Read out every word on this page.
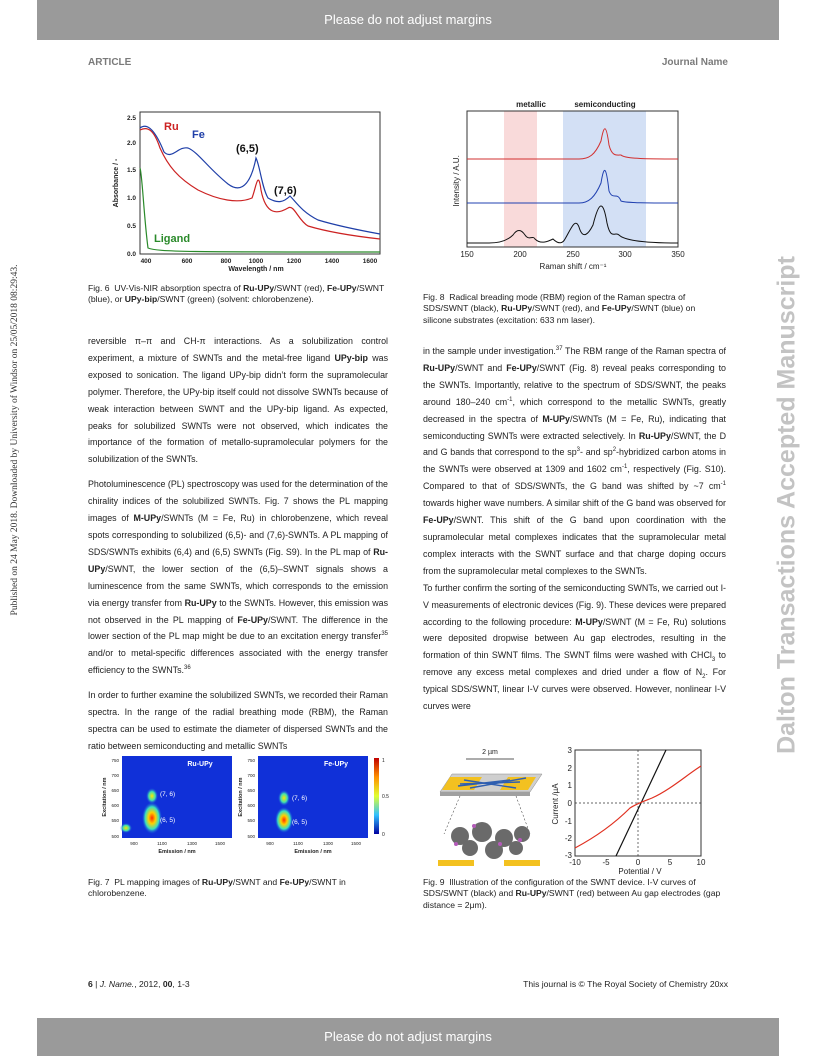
Please do not adjust margins
ARTICLE	Journal Name
Published on 24 May 2018. Downloaded by University of Windsor on 25/05/2018 08:29:43.	Dalton Transactions Accepted Manuscript
0.0
0.5
1.0
1.5
2.0
2.5
400	600	800	1000	1200	1400	1600
Wavelength / nm
Absorbance / -
Ru
Fe
(6,5)
(7,6)
Ligand
Fig. 6  UV-Vis-NIR absorption spectra of Ru-UPy/SWNT (red), Fe-UPy/SWNT (blue), or UPy-bip/SWNT (green) (solvent: chlorobenzene).
metallic	semiconducting
150	200	250	300	350
Raman shift / cm⁻¹
Intensity / A.U.
Fig. 8  Radical breading mode (RBM) region of the Raman spectra of SDS/SWNT (black), Ru-UPy/SWNT (red), and Fe-UPy/SWNT (blue) on silicone substrates (excitation: 633 nm laser).

reversible π–π and CH-π interactions. As a solubilization control experiment, a mixture of SWNTs and the metal-free ligand UPy-bip was exposed to sonication. The ligand UPy-bip didn’t form the supramolecular polymer. Therefore, the UPy-bip itself could not dissolve SWNTs because of weak interaction between SWNT and the UPy-bip ligand. As expected, peaks for solubilized SWNTs were not observed, which indicates the importance of the formation of metallo-supramolecular polymers for the solubilization of the SWNTs.

Photoluminescence (PL) spectroscopy was used for the determination of the chirality indices of the solubilized SWNTs. Fig. 7 shows the PL mapping images of M-UPy/SWNTs (M = Fe, Ru) in chlorobenzene, which reveal spots corresponding to solubilized (6,5)- and (7,6)-SWNTs. A PL mapping of SDS/SWNTs exhibits (6,4) and (6,5) SWNTs (Fig. S9). In the PL map of Ru-UPy/SWNT, the lower section of the (6,5)–SWNT signals shows a luminescence from the same SWNTs, which corresponds to the emission via energy transfer from Ru-UPy to the SWNTs. However, this emission was not observed in the PL mapping of Fe-UPy/SWNT. The difference in the lower section of the PL map might be due to an excitation energy transfer$^{35}$ and/or to metal-specific differences associated with the energy transfer efficiency to the SWNTs.$^{36}$

In order to further examine the solubilized SWNTs, we recorded their Raman spectra. In the range of the radial breathing mode (RBM), the Raman spectra can be used to estimate the diameter of dispersed SWNTs and the ratio between semiconducting and metallic SWNTs

in the sample under investigation.$^{37}$ The RBM range of the Raman spectra of Ru-UPy/SWNT and Fe-UPy/SWNT (Fig. 8) reveal peaks corresponding to the SWNTs. Importantly, relative to the spectrum of SDS/SWNT, the peaks around 180–240 $cm^{-1}$, which correspond to the metallic SWNTs, greatly decreased in the spectra of M-UPy/SWNTs (M = Fe, Ru), indicating that semiconducting SWNTs were extracted selectively. In Ru-UPy/SWNT, the D and G bands that correspond to the $sp^3-$ and $sp^2$-hybridized carbon atoms in the SWNTs were observed at 1309 and 1602 $cm^{-1}$, respectively (Fig. S10). Compared to that of SDS/SWNTs, the G band was shifted by ~7 $cm^{-1}$ towards higher wave numbers. A similar shift of the G band was observed for Fe-UPy/SWNT. This shift of the G band upon coordination with the supramolecular metal complexes indicates that the supramolecular metal complex interacts with the SWNT surface and that charge doping occurs from the supramolecular metal complexes to the SWNTs.

To further confirm the sorting of the semiconducting SWNTs, we carried out I-V measurements of electronic devices (Fig. 9). These devices were prepared according to the following procedure: M-UPy/SWNT (M = Fe, Ru) solutions were deposited dropwise between Au gap electrodes, resulting in the formation of thin SWNT films. The SWNT films were washed with CHCl$_3$ to remove any excess metal complexes and dried under a flow of $N_2$. For typical SDS/SWNT, linear I-V curves were observed. However, nonlinear I-V curves were

Ru-UPy
(7, 6)
(6, 5)
Fe-UPy
(7, 6)
(6, 5)
1
0.5
0
750
700
650
600
550
500
750
700
650
600
550
500
900	1100	1300	1500	900	1100	1300	1500
Emission / nm	Emission / nm
Excitation / nm	Excitation / nm
Fig. 7  PL mapping images of Ru-UPy/SWNT and Fe-UPy/SWNT in chlorobenzene.
2 µm	3
2
1
0
-1
-2
-3
-10	-5	0	5	10
Potential / V
Current /µA
Fig. 9  Illustration of the configuration of the SWNT device. I-V curves of SDS/SWNT (black) and Ru-UPy/SWNT (red) between Au gap electrodes (gap distance = 2μm).
6 | J. Name., 2012, 00, 1-3	This journal is © The Royal Society of Chemistry 20xx
Please do not adjust margins
